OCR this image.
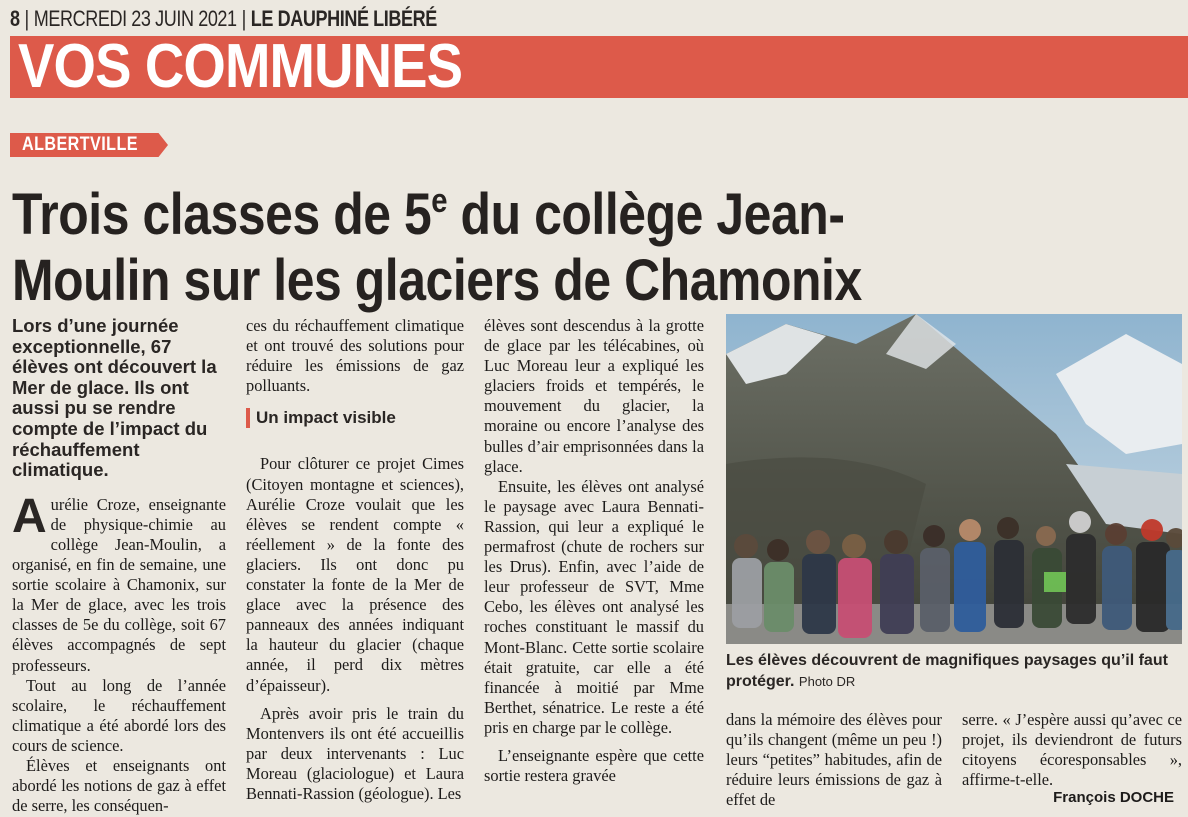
8 | MERCREDI 23 JUIN 2021 | LE DAUPHINÉ LIBÉRÉ
VOS COMMUNES
ALBERTVILLE
Trois classes de 5e du collège Jean-
Moulin sur les glaciers de Chamonix

Lors d’une journée exceptionnelle, 67 élèves ont découvert la Mer de glace. Ils ont aussi pu se rendre compte de l’impact du réchauffement climatique.

Aurélie Croze, enseignante de physique-chimie au collège Jean-Moulin, a organisé, en fin de semaine, une sortie scolaire à Chamonix, sur la Mer de glace, avec les trois classes de 5e du collège, soit 67 élèves accompagnés de sept professeurs.

Tout au long de l’année scolaire, le réchauffement climatique a été abordé lors des cours de science.

Élèves et enseignants ont abordé les notions de gaz à effet de serre, les conséquen-

ces du réchauffement climatique et ont trouvé des solutions pour réduire les émissions de gaz polluants.

Un impact visible

Pour clôturer ce projet Cimes (Citoyen montagne et sciences), Aurélie Croze voulait que les élèves se rendent compte « réellement » de la fonte des glaciers. Ils ont donc pu constater la fonte de la Mer de glace avec la présence des panneaux des années indiquant la hauteur du glacier (chaque année, il perd dix mètres d’épaisseur).

Après avoir pris le train du Montenvers ils ont été accueillis par deux intervenants : Luc Moreau (glaciologue) et Laura Bennati-Rassion (géologue). Les

élèves sont descendus à la grotte de glace par les télécabines, où Luc Moreau leur a expliqué les glaciers froids et tempérés, le mouvement du glacier, la moraine ou encore l’analyse des bulles d’air emprisonnées dans la glace.

Ensuite, les élèves ont analysé le paysage avec Laura Bennati-Rassion, qui leur a expliqué le permafrost (chute de rochers sur les Drus). Enfin, avec l’aide de leur professeur de SVT, Mme Cebo, les élèves ont analysé les roches constituant le massif du Mont-Blanc. Cette sortie scolaire était gratuite, car elle a été financée à moitié par Mme Berthet, sénatrice. Le reste a été pris en charge par le collège.

L’enseignante espère que cette sortie restera gravée

Les élèves découvrent de magnifiques paysages qu’il faut protéger. Photo DR

dans la mémoire des élèves pour qu’ils changent (même un peu !) leurs “petites” habitudes, afin de réduire leurs émissions de gaz à effet de

serre. « J’espère aussi qu’avec ce projet, ils deviendront de futurs citoyens écoresponsables », affirme-t-elle.

François DOCHE
